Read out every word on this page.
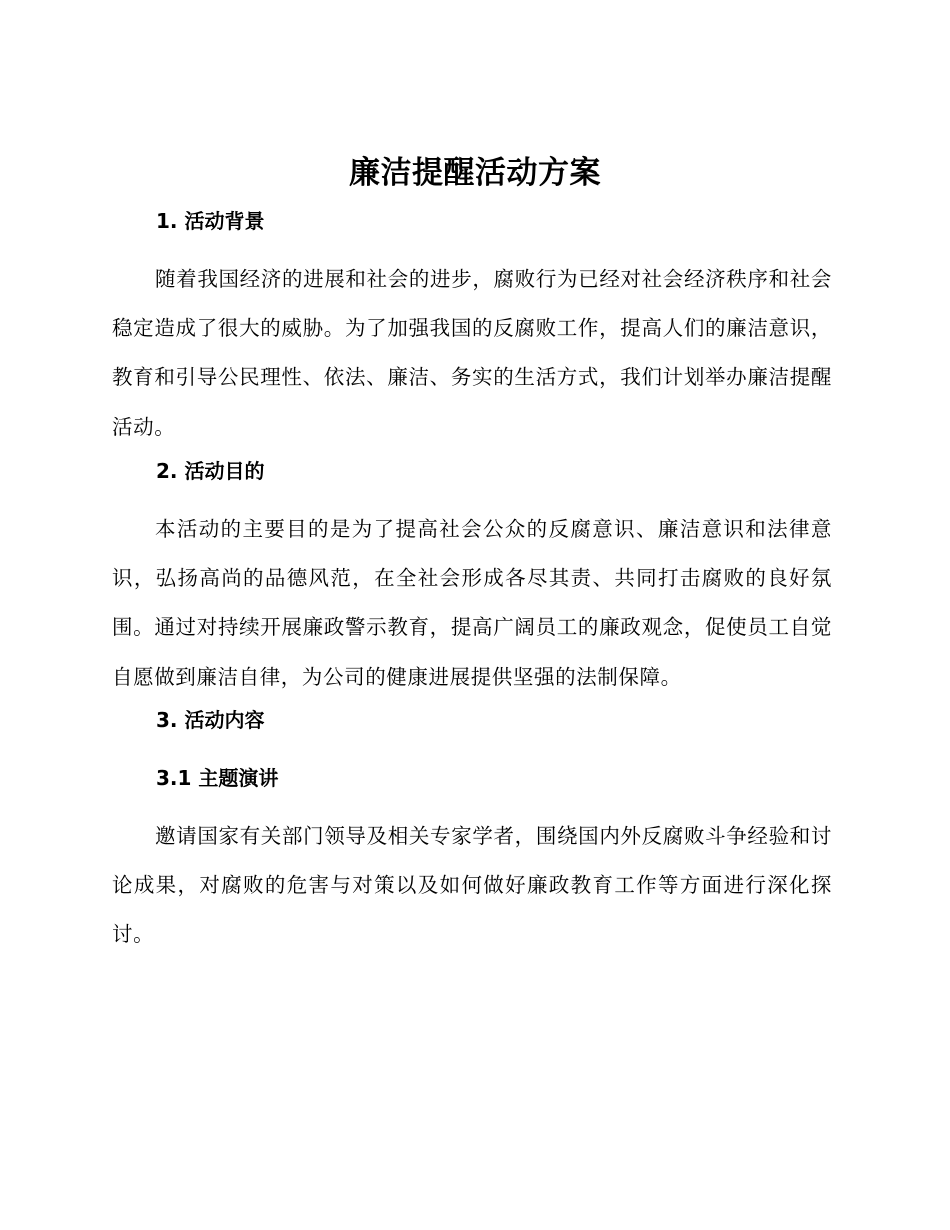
廉洁提醒活动方案
1. 活动背景

随着我国经济的进展和社会的进步，腐败行为已经对社会经济秩序和社会稳定造成了很大的威胁。为了加强我国的反腐败工作，提高人们的廉洁意识，教育和引导公民理性、依法、廉洁、务实的生活方式，我们计划举办廉洁提醒活动。

2. 活动目的

本活动的主要目的是为了提高社会公众的反腐意识、廉洁意识和法律意识，弘扬高尚的品德风范，在全社会形成各尽其责、共同打击腐败的良好氛围。通过对持续开展廉政警示教育，提高广阔员工的廉政观念，促使员工自觉自愿做到廉洁自律，为公司的健康进展提供坚强的法制保障。

3. 活动内容
3.1 主题演讲

邀请国家有关部门领导及相关专家学者，围绕国内外反腐败斗争经验和讨论成果，对腐败的危害与对策以及如何做好廉政教育工作等方面进行深化探讨。
